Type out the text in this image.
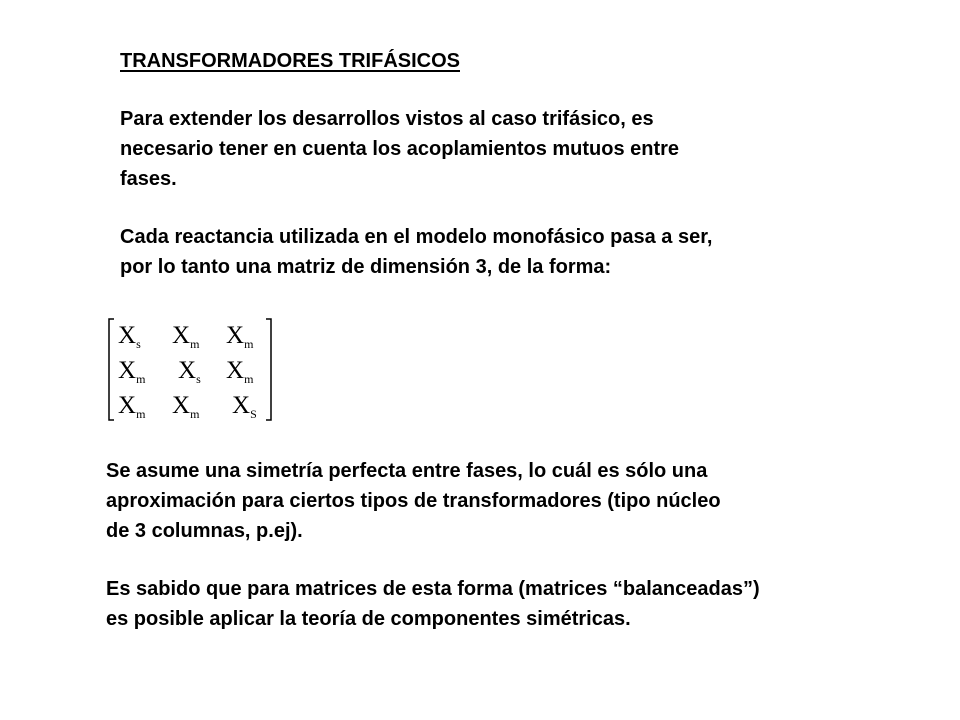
TRANSFORMADORES TRIFÁSICOS
Para extender los desarrollos vistos al caso trifásico, es
necesario tener en cuenta los acoplamientos mutuos entre
fases.
Cada reactancia utilizada en el modelo monofásico pasa a ser,
por lo tanto una matriz de dimensión 3, de la forma:
$X_s$ $X_m$ $X_m$
$X_m$ $X_s$ $X_m$
$X_m$ $X_m$ $X_S$
Se asume una simetría perfecta entre fases, lo cuál es sólo una
aproximación para ciertos tipos de transformadores (tipo núcleo
de 3 columnas, p.ej).
Es sabido que para matrices de esta forma (matrices “balanceadas”)
es posible aplicar la teoría de componentes simétricas.
